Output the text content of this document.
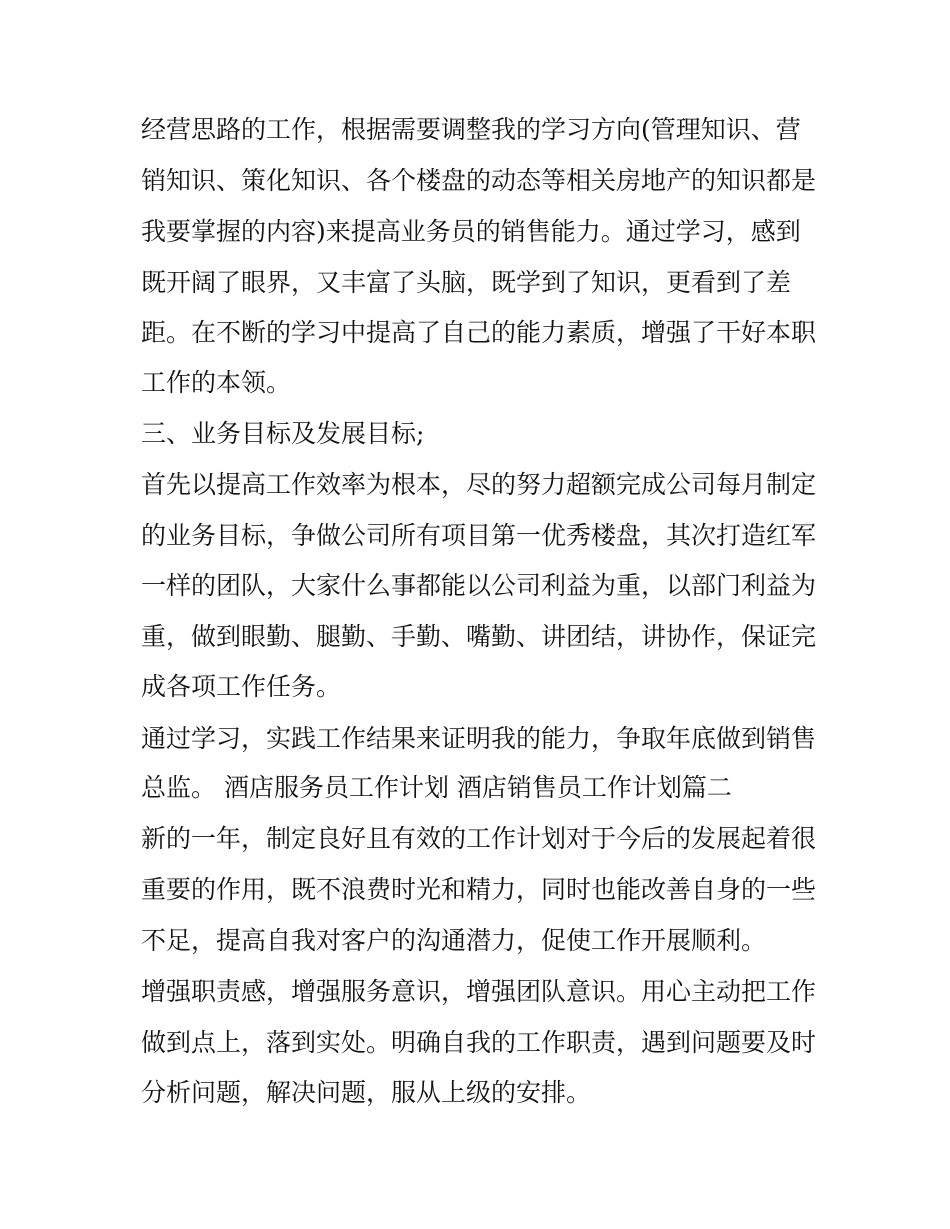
经营思路的工作，根据需要调整我的学习方向(管理知识、营
销知识、策化知识、各个楼盘的动态等相关房地产的知识都是
我要掌握的内容)来提高业务员的销售能力。通过学习，感到
既开阔了眼界，又丰富了头脑，既学到了知识，更看到了差
距。在不断的学习中提高了自己的能力素质，增强了干好本职
工作的本领。
三、业务目标及发展目标;
首先以提高工作效率为根本，尽的努力超额完成公司每月制定
的业务目标，争做公司所有项目第一优秀楼盘，其次打造红军
一样的团队，大家什么事都能以公司利益为重，以部门利益为
重，做到眼勤、腿勤、手勤、嘴勤、讲团结，讲协作，保证完
成各项工作任务。
通过学习，实践工作结果来证明我的能力，争取年底做到销售
总监。 酒店服务员工作计划 酒店销售员工作计划篇二
新的一年，制定良好且有效的工作计划对于今后的发展起着很
重要的作用，既不浪费时光和精力，同时也能改善自身的一些
不足，提高自我对客户的沟通潜力，促使工作开展顺利。
增强职责感，增强服务意识，增强团队意识。用心主动把工作
做到点上，落到实处。明确自我的工作职责，遇到问题要及时
分析问题，解决问题，服从上级的安排。
